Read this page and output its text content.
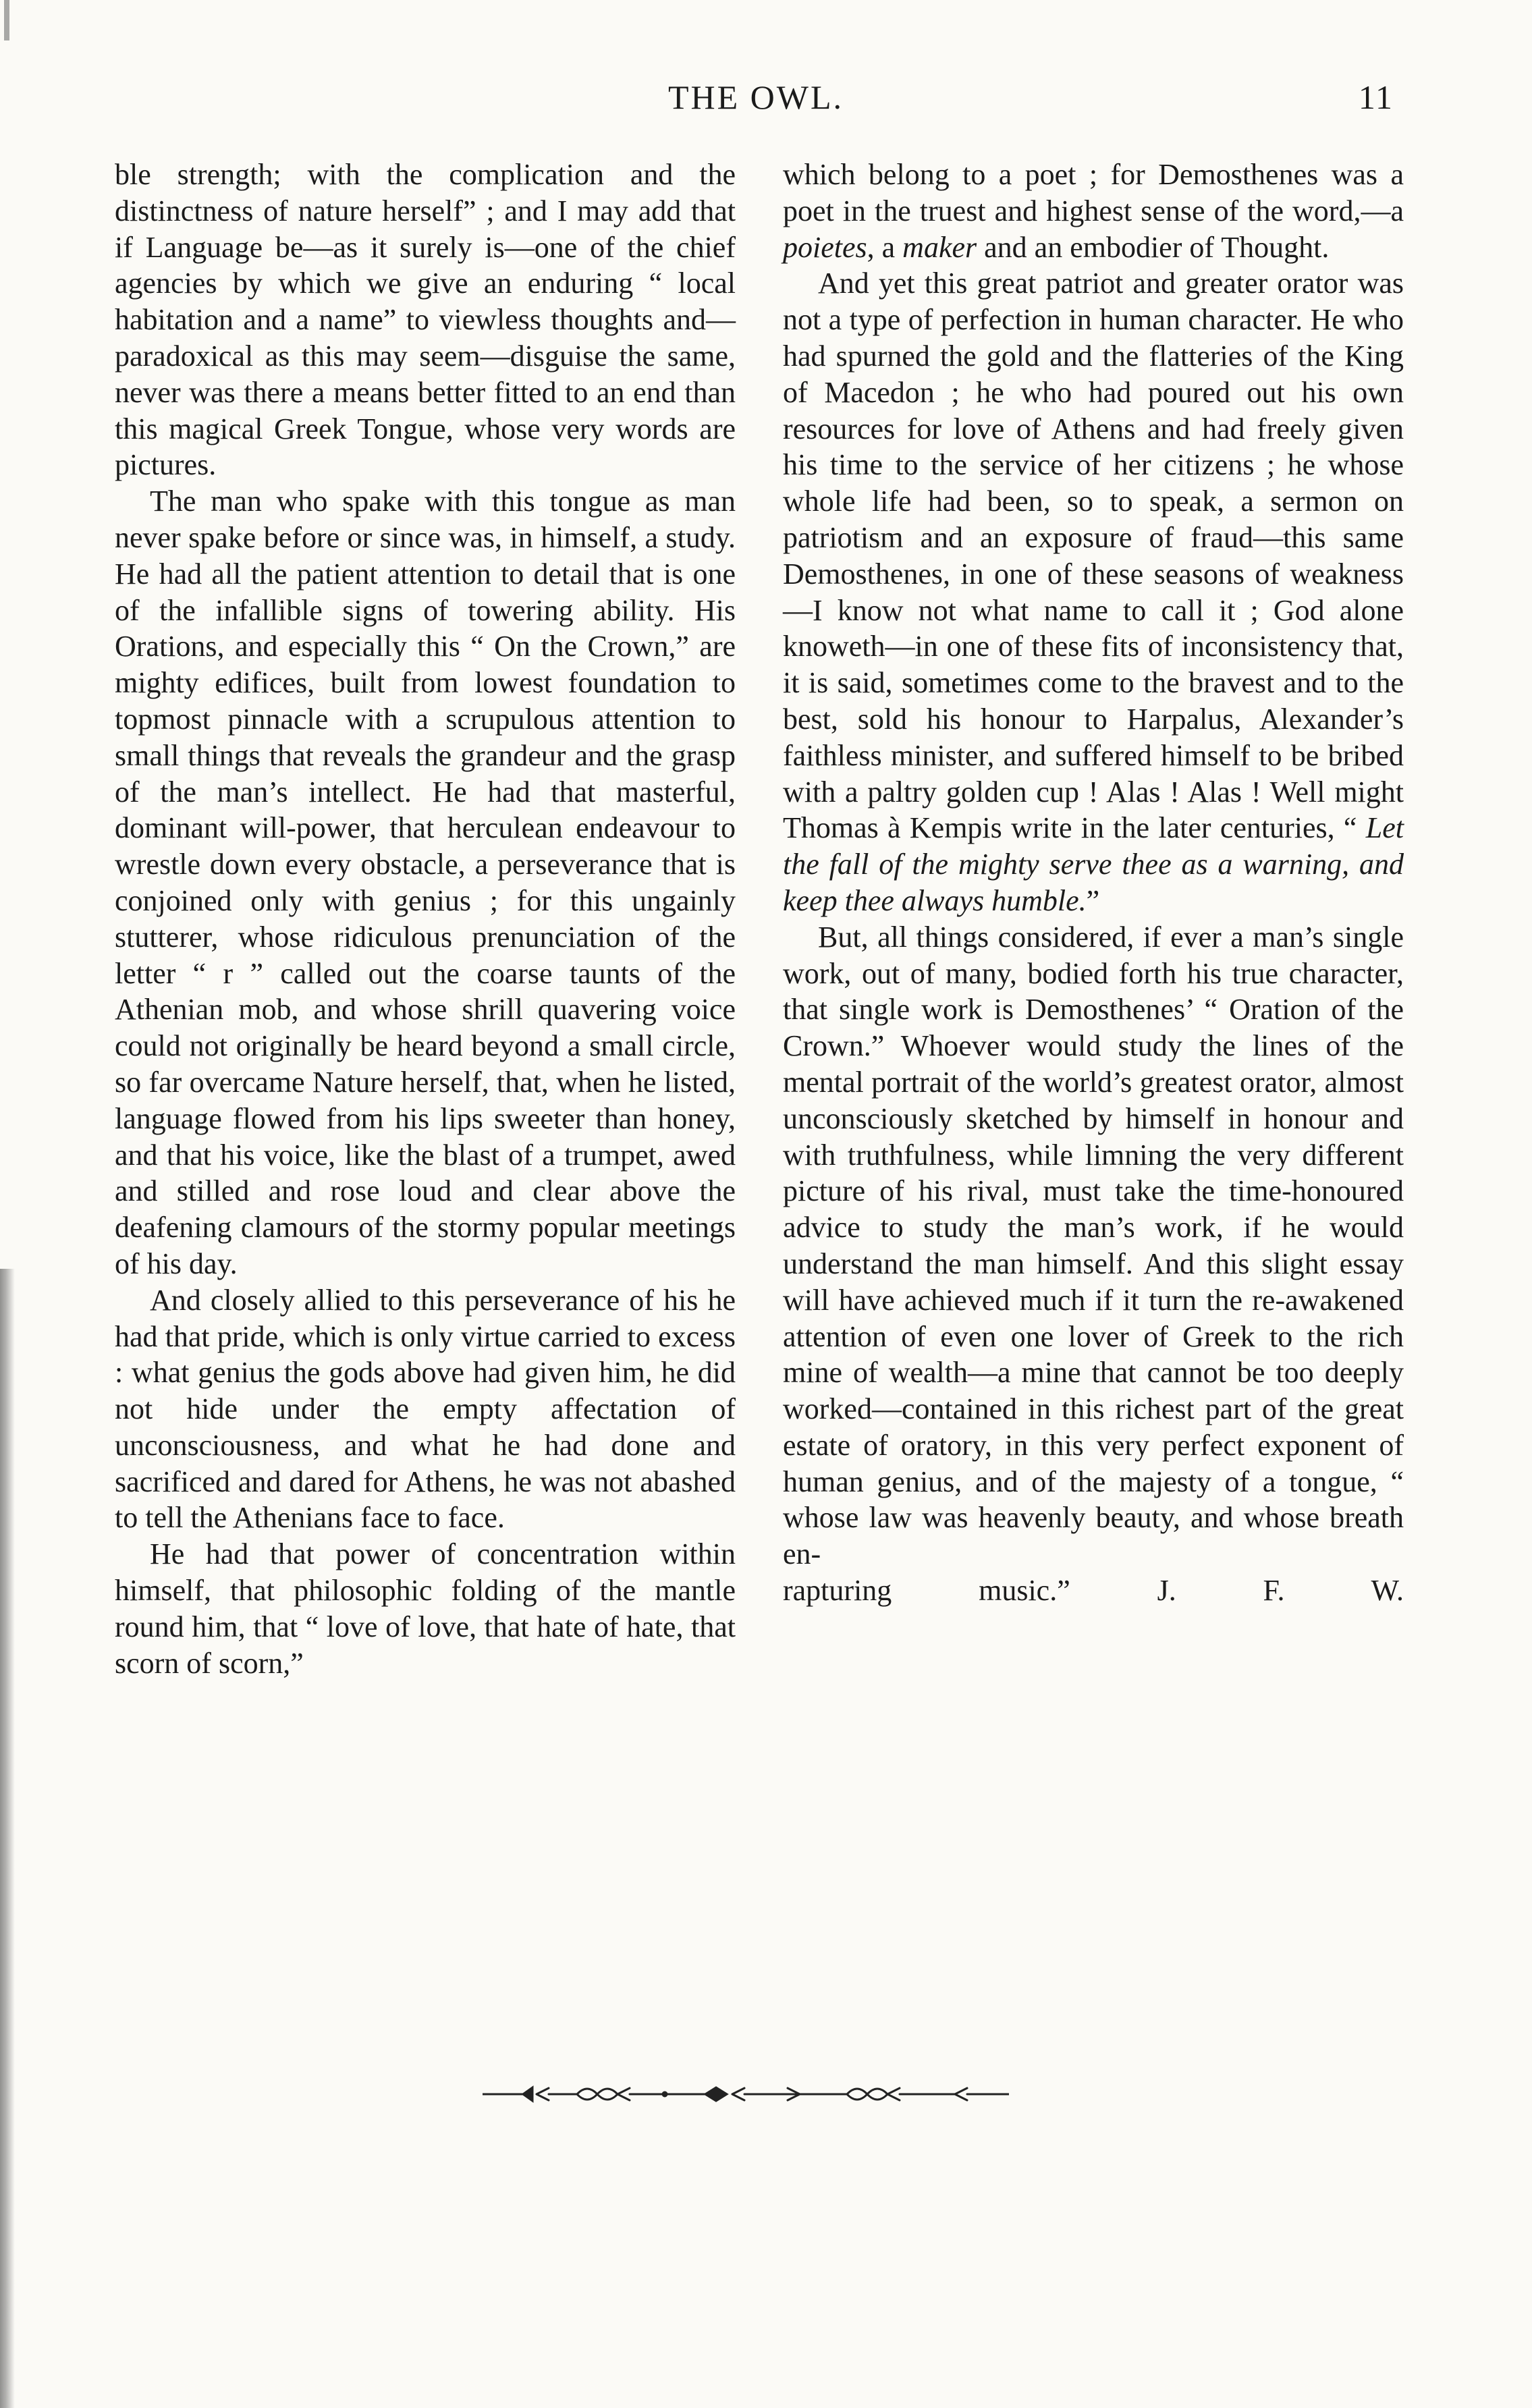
THE OWL.	11

ble strength; with the complication and the distinctness of nature herself” ; and I may add that if Language be—as it surely is—one of the chief agencies by which we give an enduring “ local habitation and a name” to viewless thoughts and—paradoxical as this may seem—disguise the same, never was there a means better fitted to an end than this magical Greek Tongue, whose very words are pictures.

The man who spake with this tongue as man never spake before or since was, in himself, a study. He had all the patient attention to detail that is one of the infallible signs of towering ability. His Orations, and especially this “ On the Crown,” are mighty edifices, built from lowest foundation to topmost pinnacle with a scrupulous attention to small things that reveals the grandeur and the grasp of the man’s intellect. He had that masterful, dominant will-power, that herculean endeavour to wrestle down every obstacle, a perseverance that is conjoined only with genius ; for this ungainly stutterer, whose ridiculous prenunciation of the letter “ r ” called out the coarse taunts of the Athenian mob, and whose shrill quavering voice could not originally be heard beyond a small circle, so far overcame Nature herself, that, when he listed, language flowed from his lips sweeter than honey, and that his voice, like the blast of a trumpet, awed and stilled and rose loud and clear above the deafening clamours of the stormy popular meetings of his day.

And closely allied to this perseverance of his he had that pride, which is only virtue carried to excess : what genius the gods above had given him, he did not hide under the empty affectation of unconsciousness, and what he had done and sacrificed and dared for Athens, he was not abashed to tell the Athenians face to face.

He had that power of concentration within himself, that philosophic folding of the mantle round him, that “ love of love, that hate of hate, that scorn of scorn,”

which belong to a poet ; for Demosthenes was a poet in the truest and highest sense of the word,—a poietes, a maker and an embodier of Thought.

And yet this great patriot and greater orator was not a type of perfection in human character. He who had spurned the gold and the flatteries of the King of Macedon ; he who had poured out his own resources for love of Athens and had freely given his time to the service of her citizens ; he whose whole life had been, so to speak, a sermon on patriotism and an exposure of fraud—this same Demosthenes, in one of these seasons of weakness—I know not what name to call it ; God alone knoweth—in one of these fits of inconsistency that, it is said, sometimes come to the bravest and to the best, sold his honour to Harpalus, Alexander’s faithless minister, and suffered himself to be bribed with a paltry golden cup ! Alas ! Alas ! Well might Thomas à Kempis write in the later centuries, “ Let the fall of the mighty serve thee as a warning, and keep thee always humble.”

But, all things considered, if ever a man’s single work, out of many, bodied forth his true character, that single work is Demosthenes’ “ Oration of the Crown.” Whoever would study the lines of the mental portrait of the world’s greatest orator, almost unconsciously sketched by himself in honour and with truthfulness, while limning the very different picture of his rival, must take the time-honoured advice to study the man’s work, if he would understand the man himself. And this slight essay will have achieved much if it turn the re-awakened attention of even one lover of Greek to the rich mine of wealth—a mine that cannot be too deeply worked—contained in this richest part of the great estate of oratory, in this very perfect exponent of human genius, and of the majesty of a tongue, “ whose law was heavenly beauty, and whose breath en-

rapturing music.”	J. F. W.
